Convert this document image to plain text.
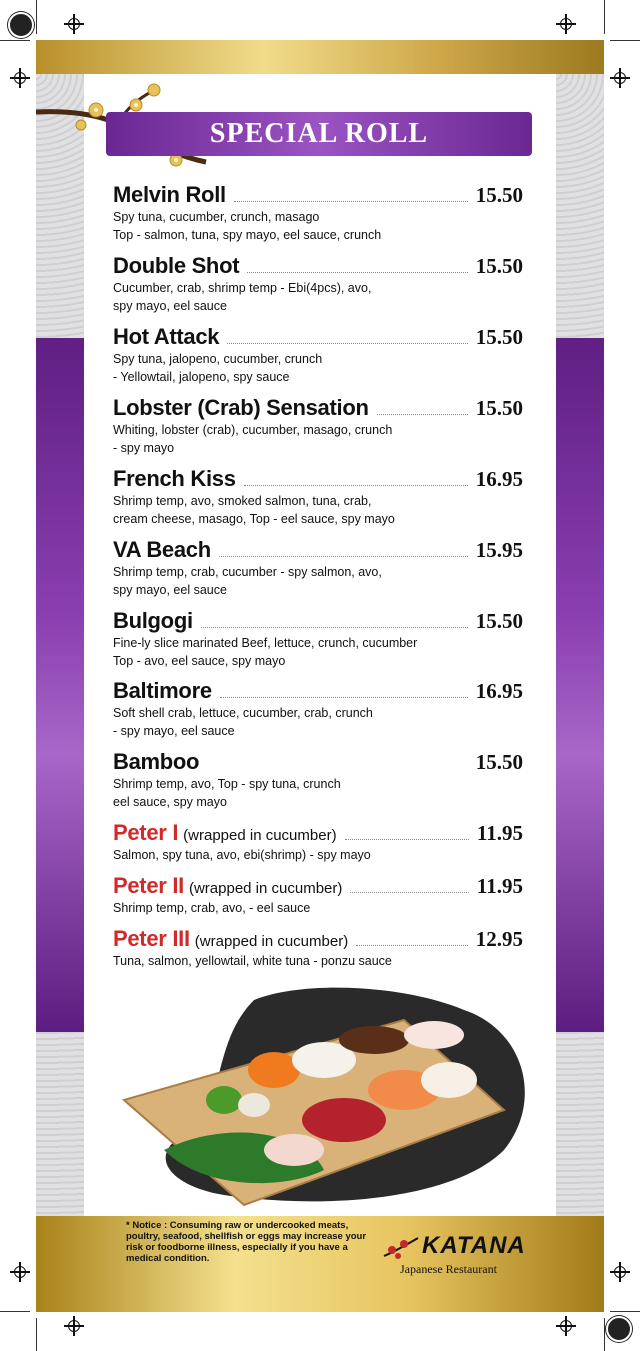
SPECIAL ROLL
Melvin Roll	15.50
Spy tuna, cucumber, crunch, masago
Top - salmon, tuna, spy mayo, eel sauce, crunch
Double Shot	15.50
Cucumber, crab, shrimp temp - Ebi(4pcs), avo,
spy mayo, eel sauce
Hot Attack	15.50
Spy tuna, jalopeno, cucumber, crunch
- Yellowtail, jalopeno, spy sauce
Lobster (Crab) Sensation	15.50
Whiting, lobster (crab), cucumber, masago, crunch
- spy mayo
French Kiss	16.95
Shrimp temp, avo, smoked salmon, tuna, crab,
cream cheese, masago, Top - eel sauce, spy mayo
VA Beach	15.95
Shrimp temp, crab, cucumber - spy salmon, avo,
spy mayo, eel sauce
Bulgogi	15.50
Fine-ly slice marinated Beef, lettuce, crunch, cucumber
Top - avo, eel sauce, spy mayo
Baltimore	16.95
Soft shell crab, lettuce, cucumber, crab, crunch
- spy mayo, eel sauce
Bamboo	15.50
Shrimp temp, avo, Top - spy tuna, crunch
eel sauce, spy mayo
Peter I (wrapped in cucumber)	11.95
Salmon, spy tuna, avo, ebi(shrimp) - spy mayo
Peter II (wrapped in cucumber)	11.95
Shrimp temp, crab, avo, - eel sauce
Peter III (wrapped in cucumber)	12.95
Tuna, salmon, yellowtail, white tuna - ponzu sauce
* Notice : Consuming raw or undercooked meats, poultry, seafood, shellfish or eggs may increase your risk or foodborne illness, especially if you have a medical condition.	KATANA
Japanese Restaurant
